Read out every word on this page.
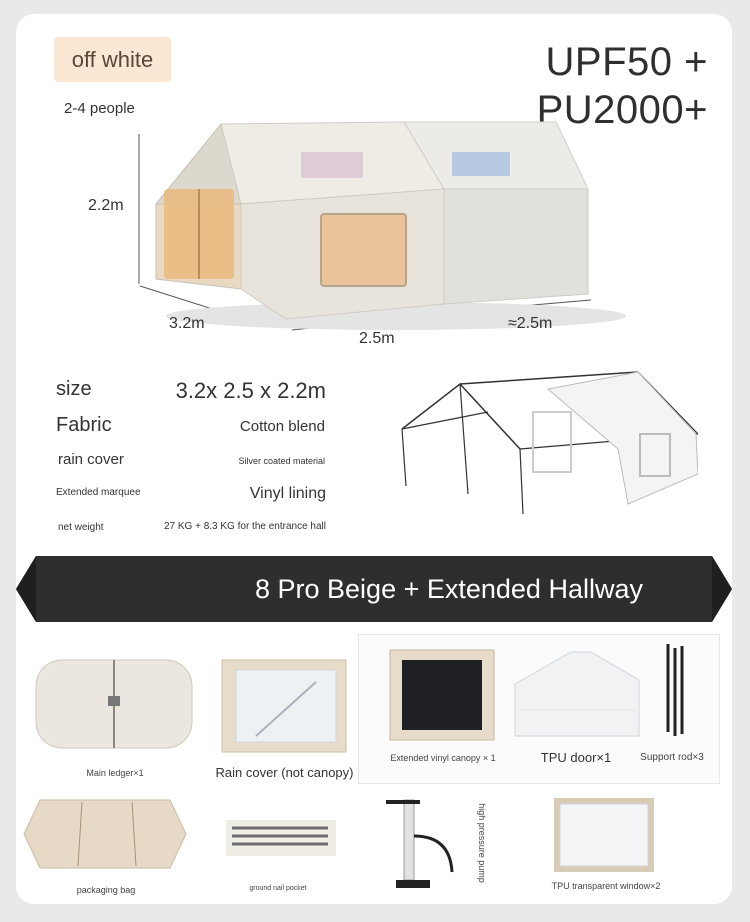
off white	UPF50 +
PU2000+
2-4 people
2.2m
3.2m
2.5m
≈2.5m
size	3.2x 2.5 x 2.2m
Fabric	Cotton blend
rain cover	Silver coated material
Extended marquee	Vinyl lining
net weight	27 KG + 8.3 KG for the entrance hall
8 Pro Beige + Extended Hallway
Main ledger×1	Rain cover (not canopy)
Extended vinyl canopy × 1	TPU door×1	Support rod×3
packaging bag	ground nail pocket
high pressure pump
TPU transparent window×2
